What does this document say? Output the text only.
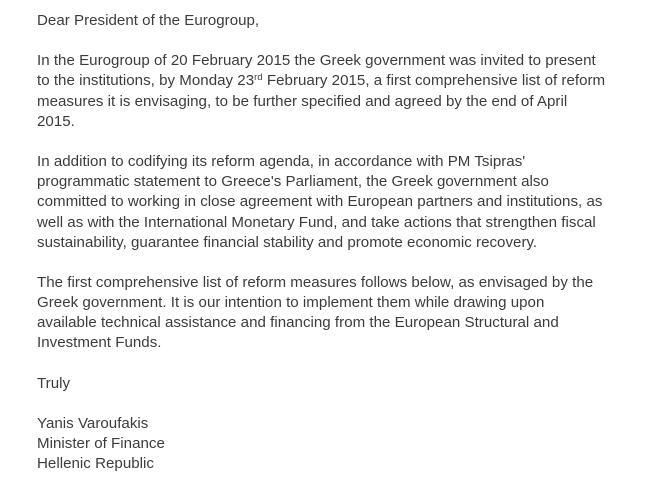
Dear President of the Eurogroup,
In the Eurogroup of 20 February 2015 the Greek government was invited to present
to the institutions, by Monday 23rd February 2015, a first comprehensive list of reform
measures it is envisaging, to be further specified and agreed by the end of April
2015.
In addition to codifying its reform agenda, in accordance with PM Tsipras'
programmatic statement to Greece's Parliament, the Greek government also
committed to working in close agreement with European partners and institutions, as
well as with the International Monetary Fund, and take actions that strengthen fiscal
sustainability, guarantee financial stability and promote economic recovery.
The first comprehensive list of reform measures follows below, as envisaged by the
Greek government. It is our intention to implement them while drawing upon
available technical assistance and financing from the European Structural and
Investment Funds.
Truly
Yanis Varoufakis
Minister of Finance
Hellenic Republic
